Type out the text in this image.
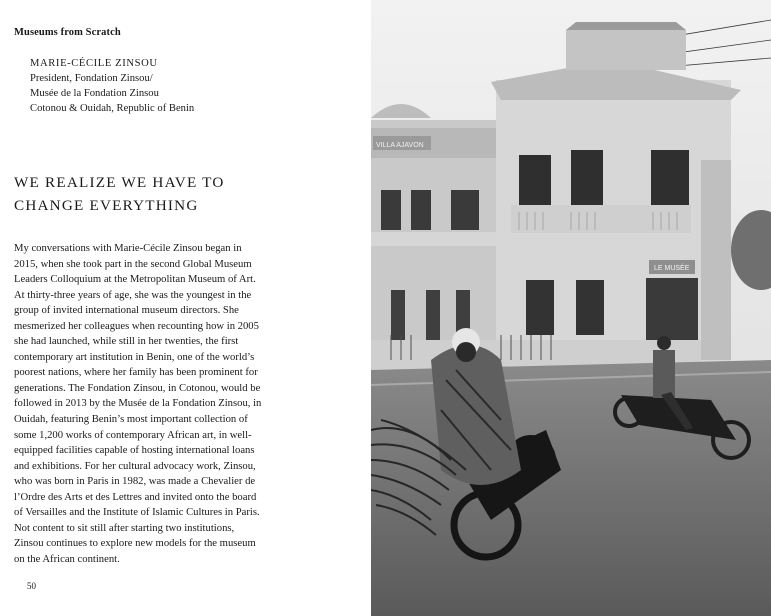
Museums from Scratch
MARIE-CÉCILE ZINSOU
President, Fondation Zinsou/
Musée de la Fondation Zinsou
Cotonou & Ouidah, Republic of Benin
WE REALIZE WE HAVE TO
CHANGE EVERYTHING
My conversations with Marie-Cécile Zinsou began in
2015, when she took part in the second Global Museum
Leaders Colloquium at the Metropolitan Museum of Art.
At thirty-three years of age, she was the youngest in the
group of invited international museum directors. She
mesmerized her colleagues when recounting how in 2005
she had launched, while still in her twenties, the first
contemporary art institution in Benin, one of the world’s
poorest nations, where her family has been prominent for
generations. The Fondation Zinsou, in Cotonou, would be
followed in 2013 by the Musée de la Fondation Zinsou, in
Ouidah, featuring Benin’s most important collection of
some 1,200 works of contemporary African art, in well-
equipped facilities capable of hosting international loans
and exhibitions. For her cultural advocacy work, Zinsou,
who was born in Paris in 1982, was made a Chevalier de
l’Ordre des Arts et des Lettres and invited onto the board
of Versailles and the Institute of Islamic Cultures in Paris.
Not content to sit still after starting two institutions,
Zinsou continues to explore new models for the museum
on the African continent.
50
VILLA AJAVON
LE MUSÉE
